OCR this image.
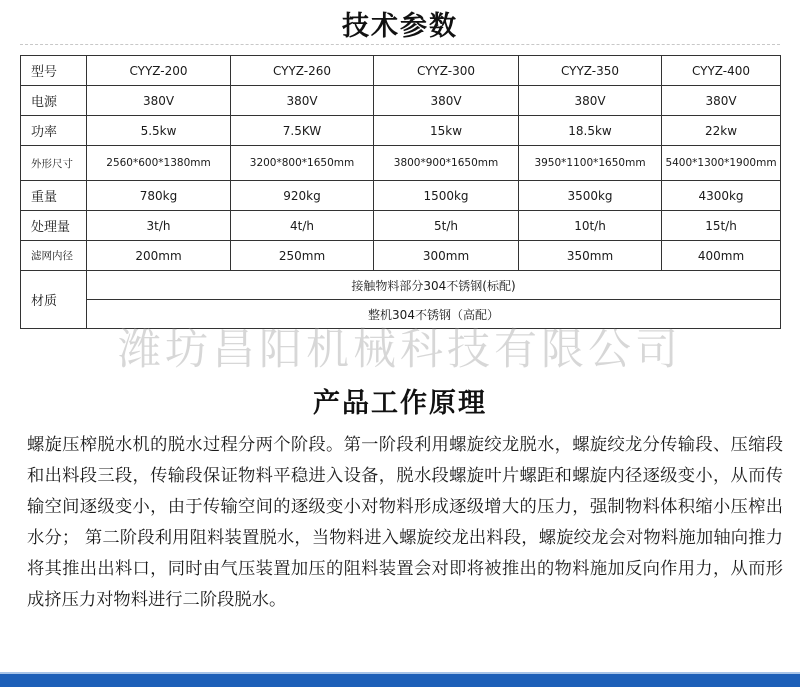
技术参数
型号	CYYZ-200	CYYZ-260	CYYZ-300	CYYZ-350	CYYZ-400
电源	380V	380V	380V	380V	380V
功率	5.5kw	7.5KW	15kw	18.5kw	22kw
外形尺寸	2560*600*1380mm	3200*800*1650mm	3800*900*1650mm	3950*1100*1650mm	5400*1300*1900mm
重量	780kg	920kg	1500kg	3500kg	4300kg
处理量	3t/h	4t/h	5t/h	10t/h	15t/h
滤网内径	200mm	250mm	300mm	350mm	400mm
材质	接触物料部分304不锈钢(标配)				
	整机304不锈钢（高配）				
潍坊昌阳机械科技有限公司
产品工作原理
螺旋压榨脱水机的脱水过程分两个阶段。第一阶段利用螺旋绞龙脱水，螺旋绞龙分传输段、压缩段和出料段三段，传输段保证物料平稳进入设备，脱水段螺旋叶片螺距和螺旋内径逐级变小，从而传输空间逐级变小，由于传输空间的逐级变小对物料形成逐级增大的压力，强制物料体积缩小压榨出水分； 第二阶段利用阻料装置脱水，当物料进入螺旋绞龙出料段，螺旋绞龙会对物料施加轴向推力将其推出出料口，同时由气压装置加压的阻料装置会对即将被推出的物料施加反向作用力，从而形成挤压力对物料进行二阶段脱水。
